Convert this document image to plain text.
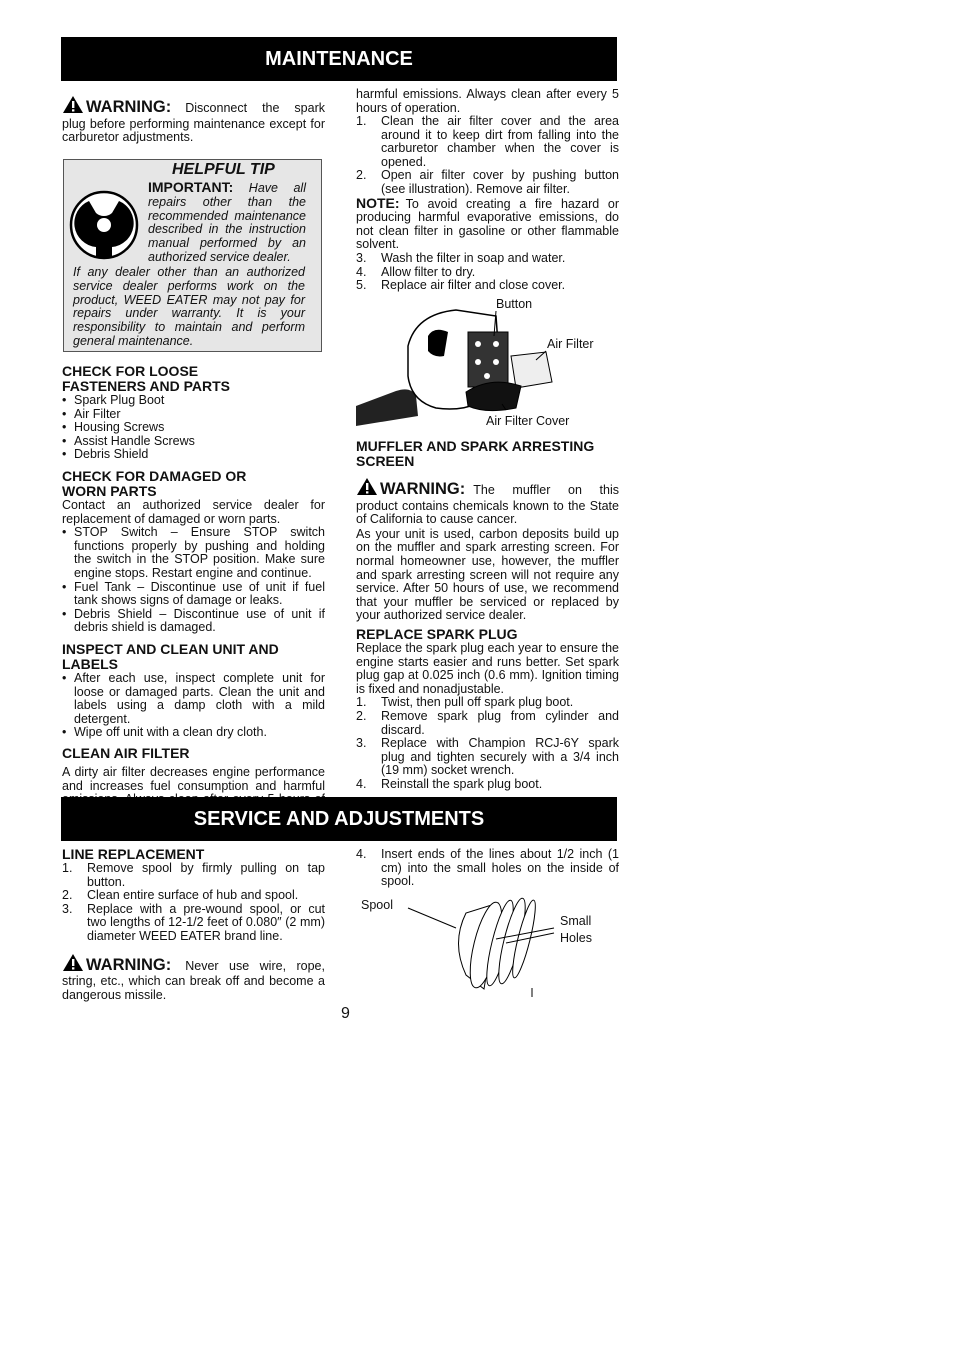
MAINTENANCE

WARNING: Disconnect the spark plug before performing maintenance except for carburetor adjustments.

HELPFUL TIP
IMPORTANT: Have all repairs other than the recommended maintenance described in the instruction manual performed by an authorized service dealer.
If any dealer other than an authorized service dealer performs work on the product, WEED EATER may not pay for repairs under warranty. It is your responsibility to maintain and perform general maintenance.
CHECK FOR LOOSE FASTENERS AND PARTS
• Spark Plug Boot
• Air Filter
• Housing Screws
• Assist Handle Screws
• Debris Shield
CHECK FOR DAMAGED OR WORN PARTS

Contact an authorized service dealer for replacement of damaged or worn parts.

• STOP Switch – Ensure STOP switch functions properly by pushing and holding the switch in the STOP position. Make sure engine stops. Restart engine and continue.
• Fuel Tank – Discontinue use of unit if fuel tank shows signs of damage or leaks.
• Debris Shield – Discontinue use of unit if debris shield is damaged.
INSPECT AND CLEAN UNIT AND LABELS
• After each use, inspect complete unit for loose or damaged parts. Clean the unit and labels using a damp cloth with a mild detergent.
• Wipe off unit with a clean dry cloth.
CLEAN AIR FILTER

A dirty air filter decreases engine performance and increases fuel consumption and harmful

harmful emissions. Always clean after every 5 hours of operation.

1. Clean the air filter cover and the area around it to keep dirt from falling into the carburetor chamber when the cover is opened.
2. Open air filter cover by pushing button (see illustration). Remove air filter.

NOTE: To avoid creating a fire hazard or producing harmful evaporative emissions, do not clean filter in gasoline or other flammable solvent.

3. Wash the filter in soap and water.
4. Allow filter to dry.
5. Replace air filter and close cover.
Button
Air Filter
Air Filter Cover
MUFFLER AND SPARK ARRESTING SCREEN

WARNING: The muffler on this product contains chemicals known to the State of California to cause cancer.

As your unit is used, carbon deposits build up on the muffler and spark arresting screen. For normal homeowner use, however, the muffler and spark arresting screen will not require any service. After 50 hours of use, we recommend that your muffler be serviced or replaced by your authorized service dealer.

REPLACE SPARK PLUG

Replace the spark plug each year to ensure the engine starts easier and runs better. Set spark plug gap at 0.025 inch (0.6 mm). Ignition timing is fixed and nonadjustable.

1. Twist, then pull off spark plug boot.
2. Remove spark plug from cylinder and discard.
3. Replace with Champion RCJ-6Y spark plug and tighten securely with a 3/4 inch (19 mm) socket wrench.
4. Reinstall the spark plug boot.
SERVICE AND ADJUSTMENTS
LINE REPLACEMENT
1. Remove spool by firmly pulling on tap button.
2. Clean entire surface of hub and spool.
3. Replace with a pre-wound spool, or cut two lengths of 12-1/2 feet of 0.080″ (2 mm) diameter WEED EATER brand line.

WARNING: Never use wire, rope, string, etc., which can break off and become a dangerous missile.

4. Insert ends of the lines about 1/2 inch (1 cm) into the small holes on the inside of spool.
Spool
Small
Holes
9
